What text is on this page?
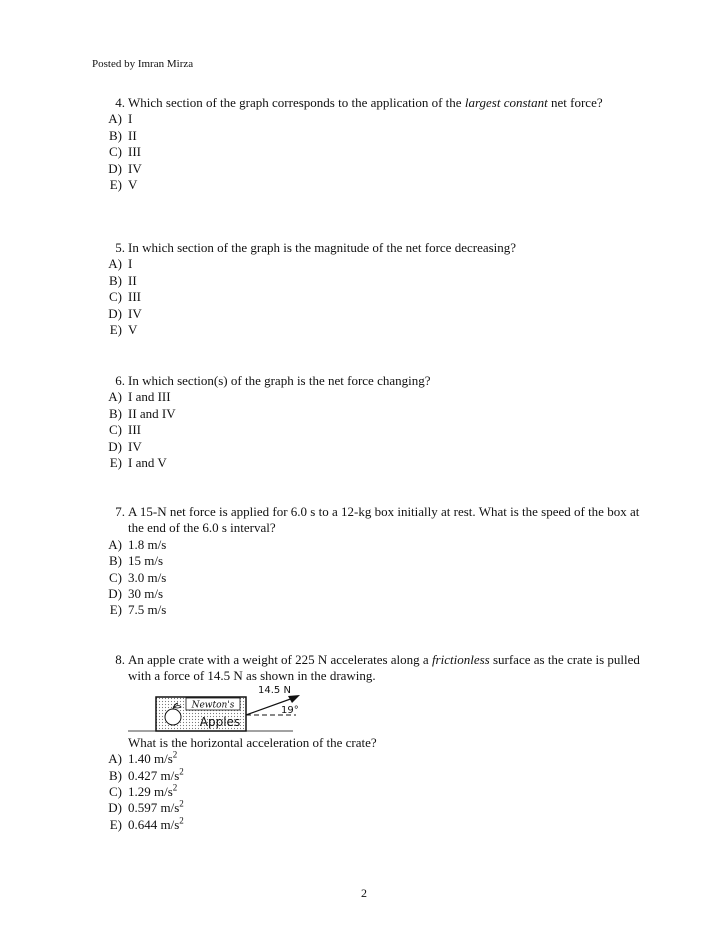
Posted by Imran Mirza
4. Which section of the graph corresponds to the application of the largest constant net force?
A) I
B) II
C) III
D) IV
E) V
5. In which section of the graph is the magnitude of the net force decreasing?
A) I
B) II
C) III
D) IV
E) V
6. In which section(s) of the graph is the net force changing?
A) I and III
B) II and IV
C) III
D) IV
E) I and V
7. A 15-N net force is applied for 6.0 s to a 12-kg box initially at rest. What is the speed of the box at the end of the 6.0 s interval?
A) 1.8 m/s
B) 15 m/s
C) 3.0 m/s
D) 30 m/s
E) 7.5 m/s
8. An apple crate with a weight of 225 N accelerates along a frictionless surface as the crate is pulled with a force of 14.5 N as shown in the drawing.
Newton's
Apples
14.5 N
19°
What is the horizontal acceleration of the crate?
A) 1.40 $m/s^2$
B) 0.427 $m/s^2$
C) 1.29 $m/s^2$
D) 0.597 $m/s^2$
E) 0.644 $m/s^2$
2
